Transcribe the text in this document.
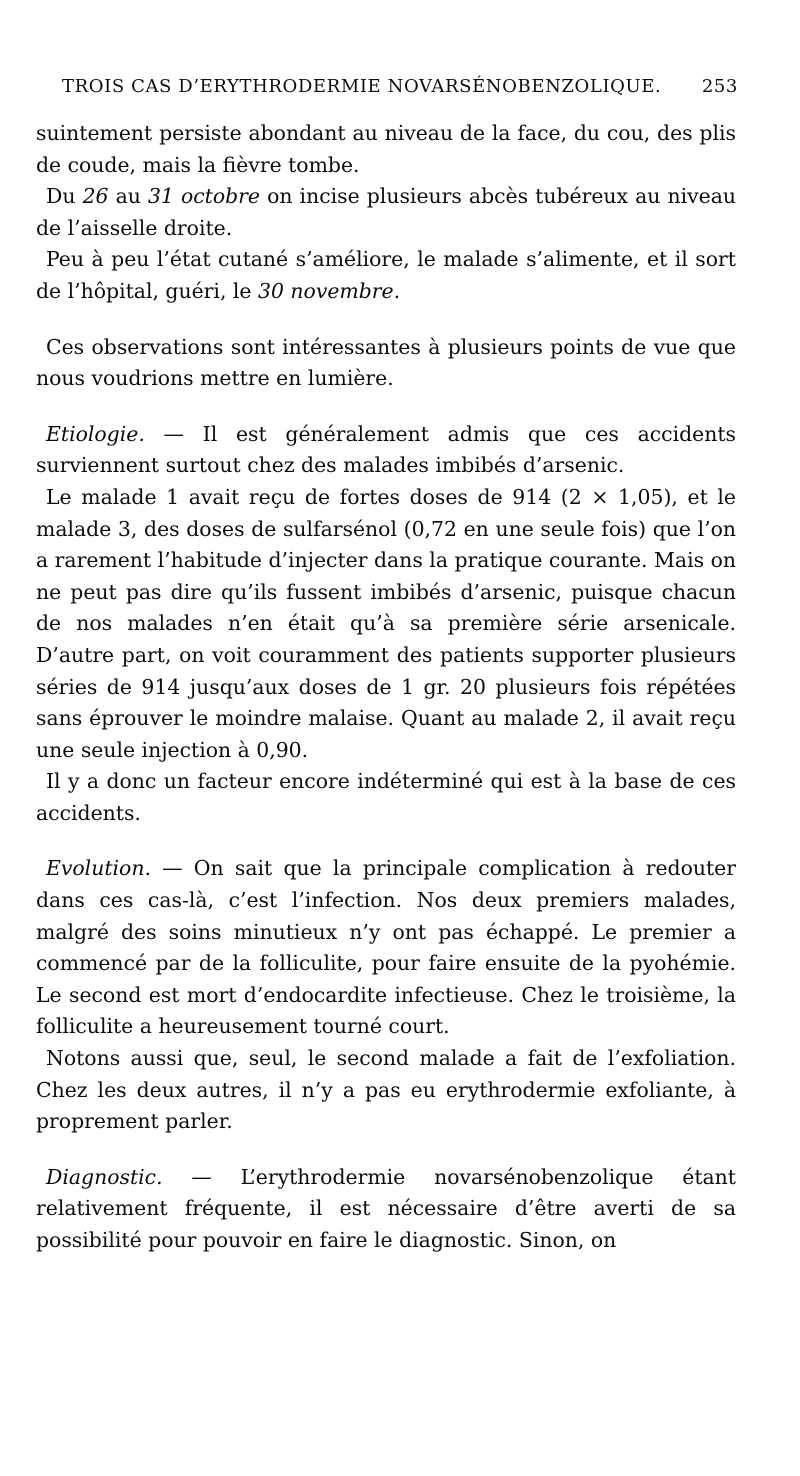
TROIS CAS D’ERYTHRODERMIE NOVARSÉNOBENZOLIQUE. 253

suintement persiste abondant au niveau de la face, du cou, des plis de coude, mais la fièvre tombe.

Du 26 au 31 octobre on incise plusieurs abcès tubéreux au niveau de l’aisselle droite.

Peu à peu l’état cutané s’améliore, le malade s’alimente, et il sort de l’hôpital, guéri, le 30 novembre.

Ces observations sont intéressantes à plusieurs points de vue que nous voudrions mettre en lumière.

Etiologie. — Il est généralement admis que ces accidents surviennent surtout chez des malades imbibés d’arsenic.

Le malade 1 avait reçu de fortes doses de 914 (2 × 1,05), et le malade 3, des doses de sulfarsénol (0,72 en une seule fois) que l’on a rarement l’habitude d’injecter dans la pratique courante. Mais on ne peut pas dire qu’ils fussent imbibés d’arsenic, puisque chacun de nos malades n’en était qu’à sa première série arsenicale. D’autre part, on voit couramment des patients supporter plusieurs séries de 914 jusqu’aux doses de 1 gr. 20 plusieurs fois répétées sans éprouver le moindre malaise. Quant au malade 2, il avait reçu une seule injection à 0,90.

Il y a donc un facteur encore indéterminé qui est à la base de ces accidents.

Evolution. — On sait que la principale complication à redouter dans ces cas-là, c’est l’infection. Nos deux premiers malades, malgré des soins minutieux n’y ont pas échappé. Le premier a commencé par de la folliculite, pour faire ensuite de la pyohémie. Le second est mort d’endocardite infectieuse. Chez le troisième, la folliculite a heureusement tourné court.

Notons aussi que, seul, le second malade a fait de l’exfoliation. Chez les deux autres, il n’y a pas eu erythrodermie exfoliante, à proprement parler.

Diagnostic. — L’erythrodermie novarsénobenzolique étant relativement fréquente, il est nécessaire d’être averti de sa possibilité pour pouvoir en faire le diagnostic. Sinon, on
